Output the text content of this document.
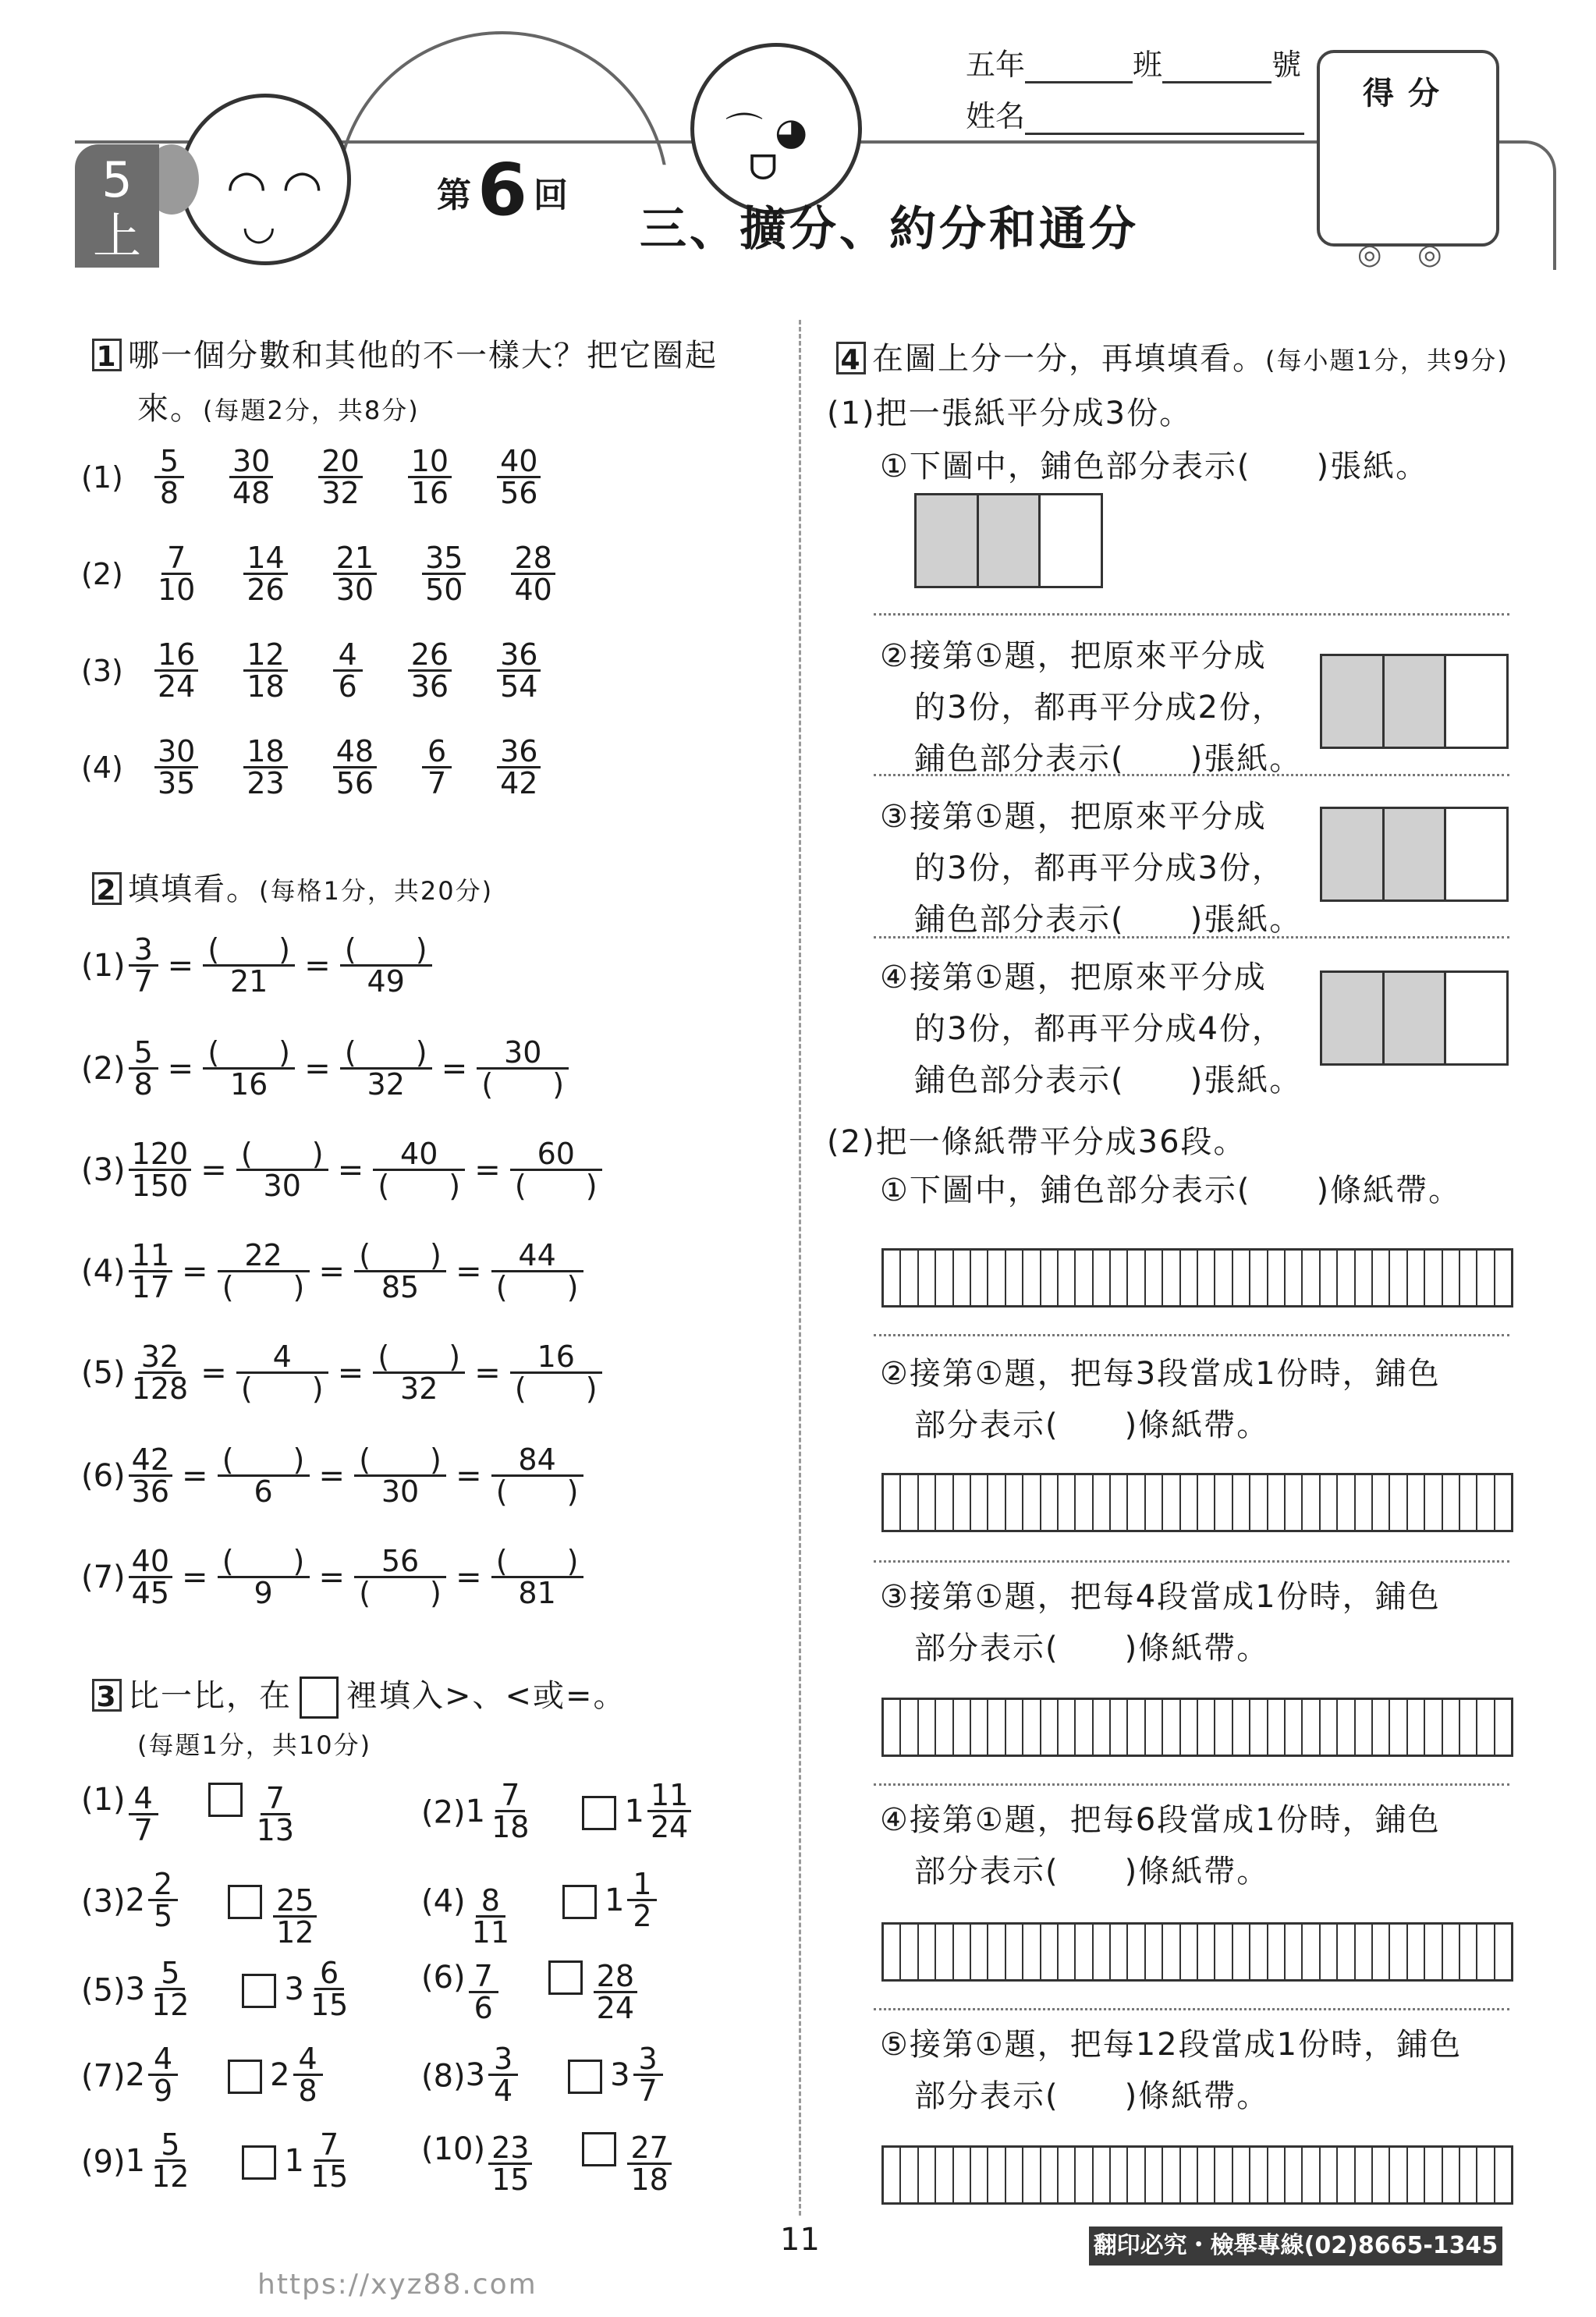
◠ ◠
◡
⌒ ◕
ᗜ
5
上
第6 回
三、擴分、約分和通分
五年	班	號
姓名
得分
◎    ◎
1 哪一個分數和其他的不一樣大？把它圈起
來。(每題2分，共8分)
$(1) \frac{5}{8} \frac{30}{48} \frac{20}{32} \frac{10}{16} \frac{40}{56}$
$(2) \frac{7}{10} \frac{14}{26} \frac{21}{30} \frac{35}{50} \frac{28}{40}$
$(3) \frac{16}{24} \frac{12}{18} \frac{4}{6} \frac{26}{36} \frac{36}{54}$
$(4) \frac{30}{35} \frac{18}{23} \frac{48}{56} \frac{6}{7} \frac{36}{42}$
2 填填看。(每格1分，共20分)
$(1) \frac{3}{7} = \frac{( )}{21} = \frac{( )}{49}$
$(2) \frac{5}{8} = \frac{( )}{16} = \frac{( )}{32} = \frac{30}{( )}$
$(3) \frac{120}{150} = \frac{( )}{30} = \frac{40}{( )} = \frac{60}{( )}$
$(4) \frac{11}{17} = \frac{22}{( )} = \frac{( )}{85} = \frac{44}{( )}$
$(5) \frac{32}{128} = \frac{4}{( )} = \frac{( )}{32} = \frac{16}{( )}$
$(6) \frac{42}{36} = \frac{( )}{6} = \frac{( )}{30} = \frac{84}{( )}$
$(7) \frac{40}{45} = \frac{( )}{9} = \frac{56}{( )} = \frac{( )}{81}$
3 比一比，在 裡填入>、<或=。
(每題1分，共10分)
$(1) \frac{4}{7}$	$\frac{7}{13}$	(2) $1 \frac{7}{18}$	$1 \frac{11}{24}$
(3) $2 \frac{2}{5}$	$\frac{25}{12}$	$(4) \frac{8}{11}$	$1 \frac{1}{2}$
(5) $3 \frac{5}{12}$	$3 \frac{6}{15} (6) \frac{7}{6}$	$\frac{28}{24}$
(7) $2 \frac{4}{9}$	$2 \frac{4}{8}$	(8) $3 \frac{3}{4}$	$3 \frac{3}{7}$
(9) $1 \frac{5}{12}$	$1 \frac{7}{15} (10) \frac{23}{15}$	$\frac{27}{18}$
4 在圖上分一分，再填填看。(每小題1分，共9分)
(1)把一張紙平分成3份。
①下圖中，鋪色部分表示(　　)張紙。
②接第①題，把原來平分成
的3份，都再平分成2份，
鋪色部分表示(　　)張紙。
③接第①題，把原來平分成
的3份，都再平分成3份，
鋪色部分表示(　　)張紙。
④接第①題，把原來平分成
的3份，都再平分成4份，
鋪色部分表示(　　)張紙。
(2)把一條紙帶平分成36段。
①下圖中，鋪色部分表示(　　)條紙帶。
②接第①題，把每3段當成1份時，鋪色
部分表示(　　)條紙帶。
③接第①題，把每4段當成1份時，鋪色
部分表示(　　)條紙帶。
④接第①題，把每6段當成1份時，鋪色
部分表示(　　)條紙帶。
⑤接第①題，把每12段當成1份時，鋪色
部分表示(　　)條紙帶。
11	翻印必究・檢舉專線(02)8665-1345
https://xyz88.com
